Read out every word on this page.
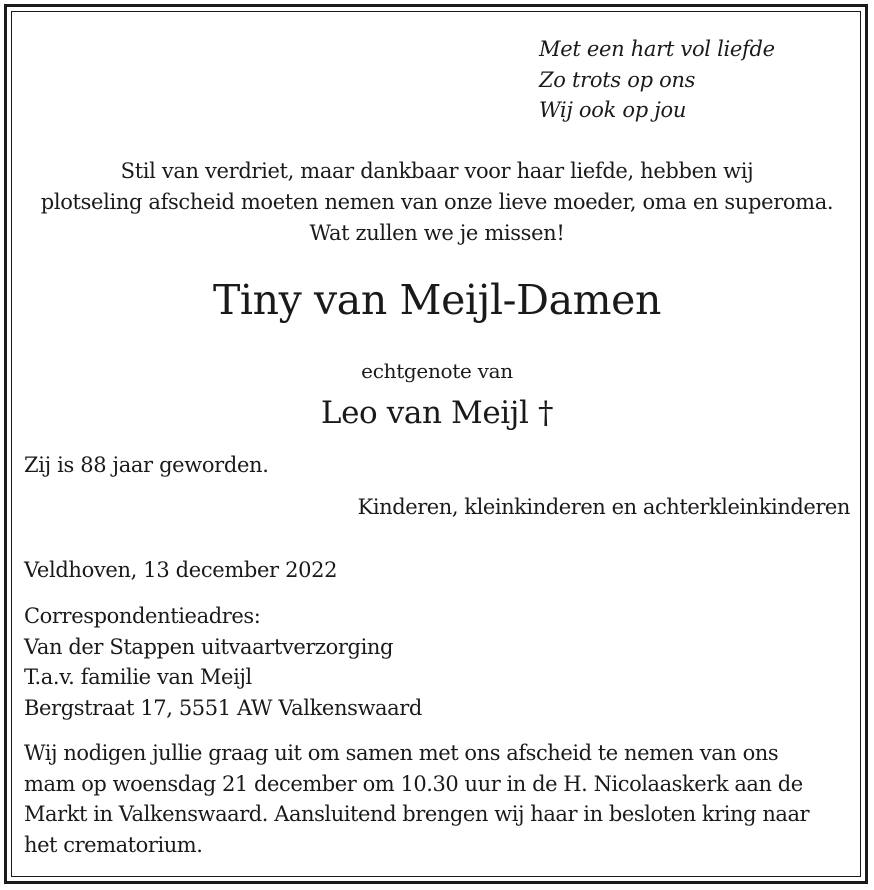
Met een hart vol liefde
Zo trots op ons
Wij ook op jou
Stil van verdriet, maar dankbaar voor haar liefde, hebben wij
plotseling afscheid moeten nemen van onze lieve moeder, oma en superoma.
Wat zullen we je missen!
Tiny van Meijl-Damen
echtgenote van
Leo van Meijl †
Zij is 88 jaar geworden.
Kinderen, kleinkinderen en achterkleinkinderen
Veldhoven, 13 december 2022
Correspondentieadres:
Van der Stappen uitvaartverzorging
T.a.v. familie van Meijl
Bergstraat 17, 5551 AW Valkenswaard
Wij nodigen jullie graag uit om samen met ons afscheid te nemen van ons
mam op woensdag 21 december om 10.30 uur in de H. Nicolaaskerk aan de
Markt in Valkenswaard. Aansluitend brengen wij haar in besloten kring naar
het crematorium.
